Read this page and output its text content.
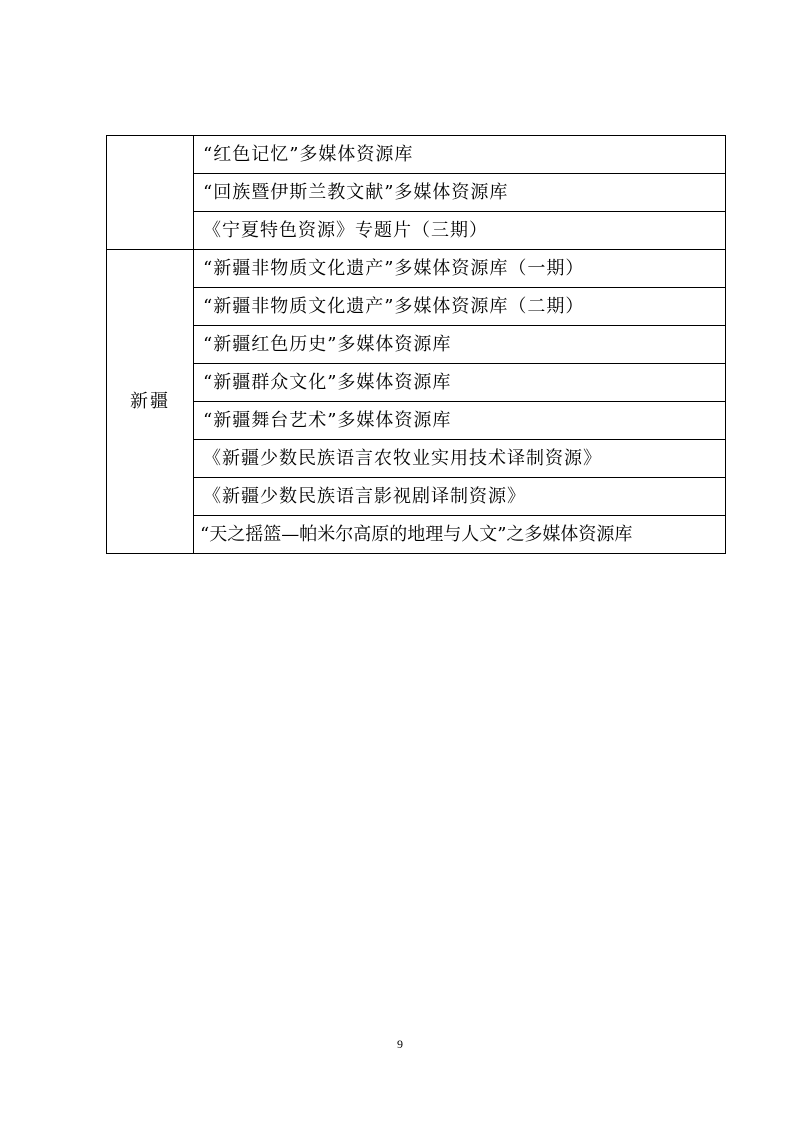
	“红色记忆”多媒体资源库
	“回族暨伊斯兰教文献”多媒体资源库
	《宁夏特色资源》专题片（三期）
新疆	“新疆非物质文化遗产”多媒体资源库（一期）
	“新疆非物质文化遗产”多媒体资源库（二期）
	“新疆红色历史”多媒体资源库
	“新疆群众文化”多媒体资源库
	“新疆舞台艺术”多媒体资源库
	《新疆少数民族语言农牧业实用技术译制资源》
	《新疆少数民族语言影视剧译制资源》
	“天之摇篮—帕米尔高原的地理与人文”之多媒体资源库
9
